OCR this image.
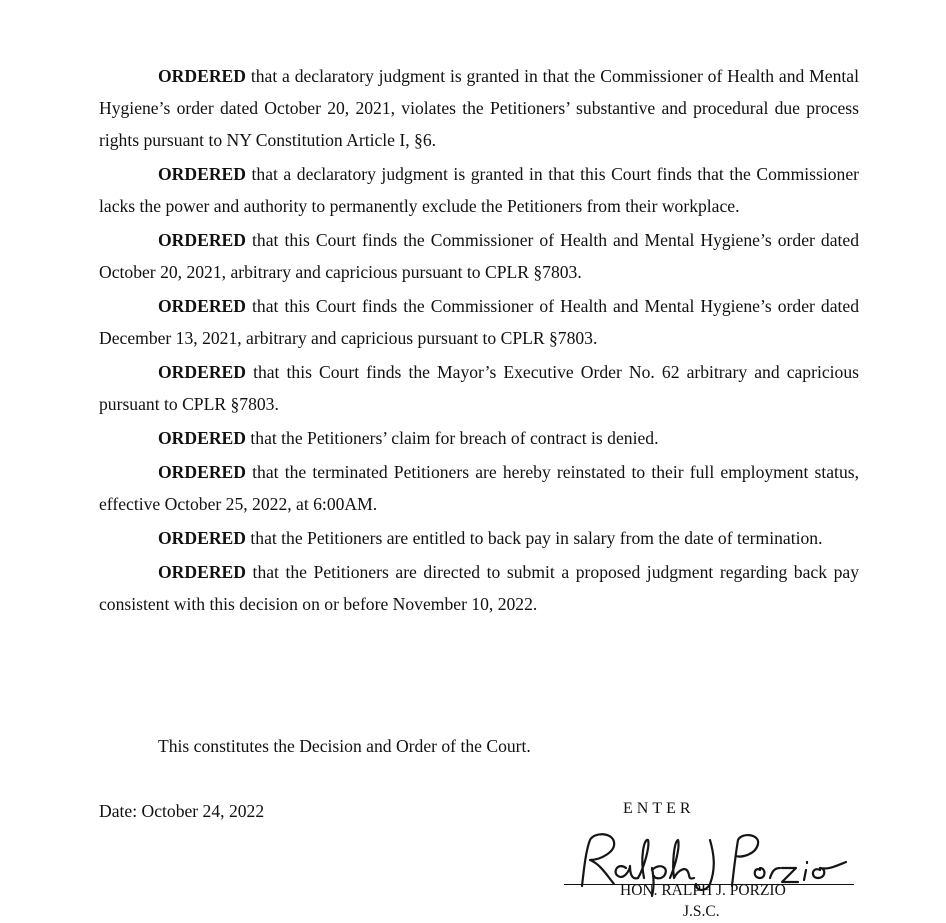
ORDERED that a declaratory judgment is granted in that the Commissioner of Health and Mental Hygiene’s order dated October 20, 2021, violates the Petitioners’ substantive and procedural due process rights pursuant to NY Constitution Article I, §6.

ORDERED that a declaratory judgment is granted in that this Court finds that the Commissioner lacks the power and authority to permanently exclude the Petitioners from their workplace.

ORDERED that this Court finds the Commissioner of Health and Mental Hygiene’s order dated October 20, 2021, arbitrary and capricious pursuant to CPLR §7803.

ORDERED that this Court finds the Commissioner of Health and Mental Hygiene’s order dated December 13, 2021, arbitrary and capricious pursuant to CPLR §7803.

ORDERED that this Court finds the Mayor’s Executive Order No. 62 arbitrary and capricious pursuant to CPLR §7803.

ORDERED that the Petitioners’ claim for breach of contract is denied.

ORDERED that the terminated Petitioners are hereby reinstated to their full employment status, effective October 25, 2022, at 6:00AM.

ORDERED that the Petitioners are entitled to back pay in salary from the date of termination.

ORDERED that the Petitioners are directed to submit a proposed judgment regarding back pay consistent with this decision on or before November 10, 2022.

This constitutes the Decision and Order of the Court.
Date: October 24, 2022	ENTER
HON. RALPH J. PORZIO
J.S.C.
